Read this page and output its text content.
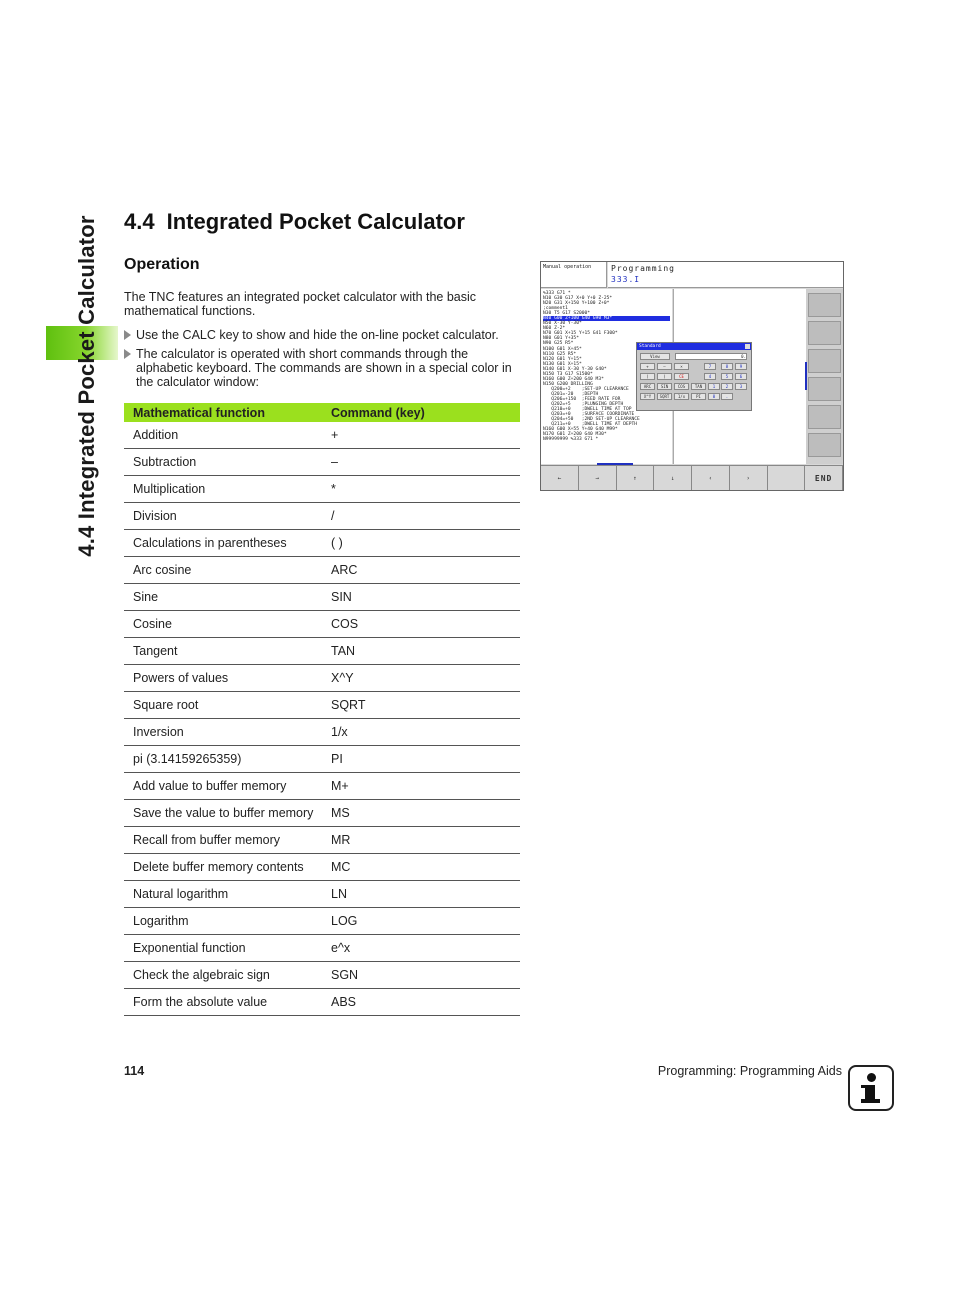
4.4 Integrated Pocket Calculator 4.4 Integrated Pocket Calculator
Operation

The TNC features an integrated pocket calculator with the basic mathematical functions.

Use the CALC key to show and hide the on-line pocket calculator.
The calculator is operated with short commands through the alphabetic keyboard. The commands are shown in a special color in the calculator window:
Mathematical function	Command (key)
Addition	+
Subtraction	–
Multiplication	*
Division	/
Calculations in parentheses	( )
Arc cosine	ARC
Sine	SIN
Cosine	COS
Tangent	TAN
Powers of values	X^Y
Square root	SQRT
Inversion	1/x
pi (3.14159265359)	PI
Add value to buffer memory	M+
Save the value to buffer memory	MS
Recall from buffer memory	MR
Delete buffer memory contents	MC
Natural logarithm	LN
Logarithm	LOG
Exponential function	e^x
Check the algebraic sign	SGN
Form the absolute value	ABS
Manual operation	Programming
333.I
%333 G71 *
N10 G30 G17 X+0 Y+0 Z-25*
N20 G31 X+150 Y+100 Z+0*
;comment1
N30 T5 G17 S2000*
N40 G00 Z+100 G40 G90 M3*
N50 X-30 Y-30*
N60 Z-2*
N70 G01 X+15 Y+15 G41 F300*
N80 G01 Y+35*
N90 G25 R5*
N100 G01 X+45*
N110 G25 R5*
N120 G01 Y+15*
N130 G01 X+15*
N140 G01 X-30 Y-30 G40*
N150 T3 G17 S1500*
N160 G00 Z+200 G40 M3*
N150 G200 DRILLING
Q200=+2    ;SET-UP CLEARANCE
Q201=-20   ;DEPTH
Q206=+150  ;FEED RATE FOR
Q202=+5    ;PLUNGING DEPTH
Q210=+0    ;DWELL TIME AT TOP
Q203=+0    ;SURFACE COORDINATE
Q204=+50   ;2ND SET-UP CLEARANCE
Q211=+0    ;DWELL TIME AT DEPTH
N160 G00 X+55 Y+40 G40 M99*
N170 G01 Z+200 G40 M30*
N99999999 %333 G71 *
←	→	↑	↓	‹	›	END
Standard
View	0.
+	–	×	7	8	9
(	)	CE	4	5	6
ARC	SIN	COS	TAN	1	2	3
X^Y	SQRT	1/x	PI	0	.
114	Programming: Programming Aids
